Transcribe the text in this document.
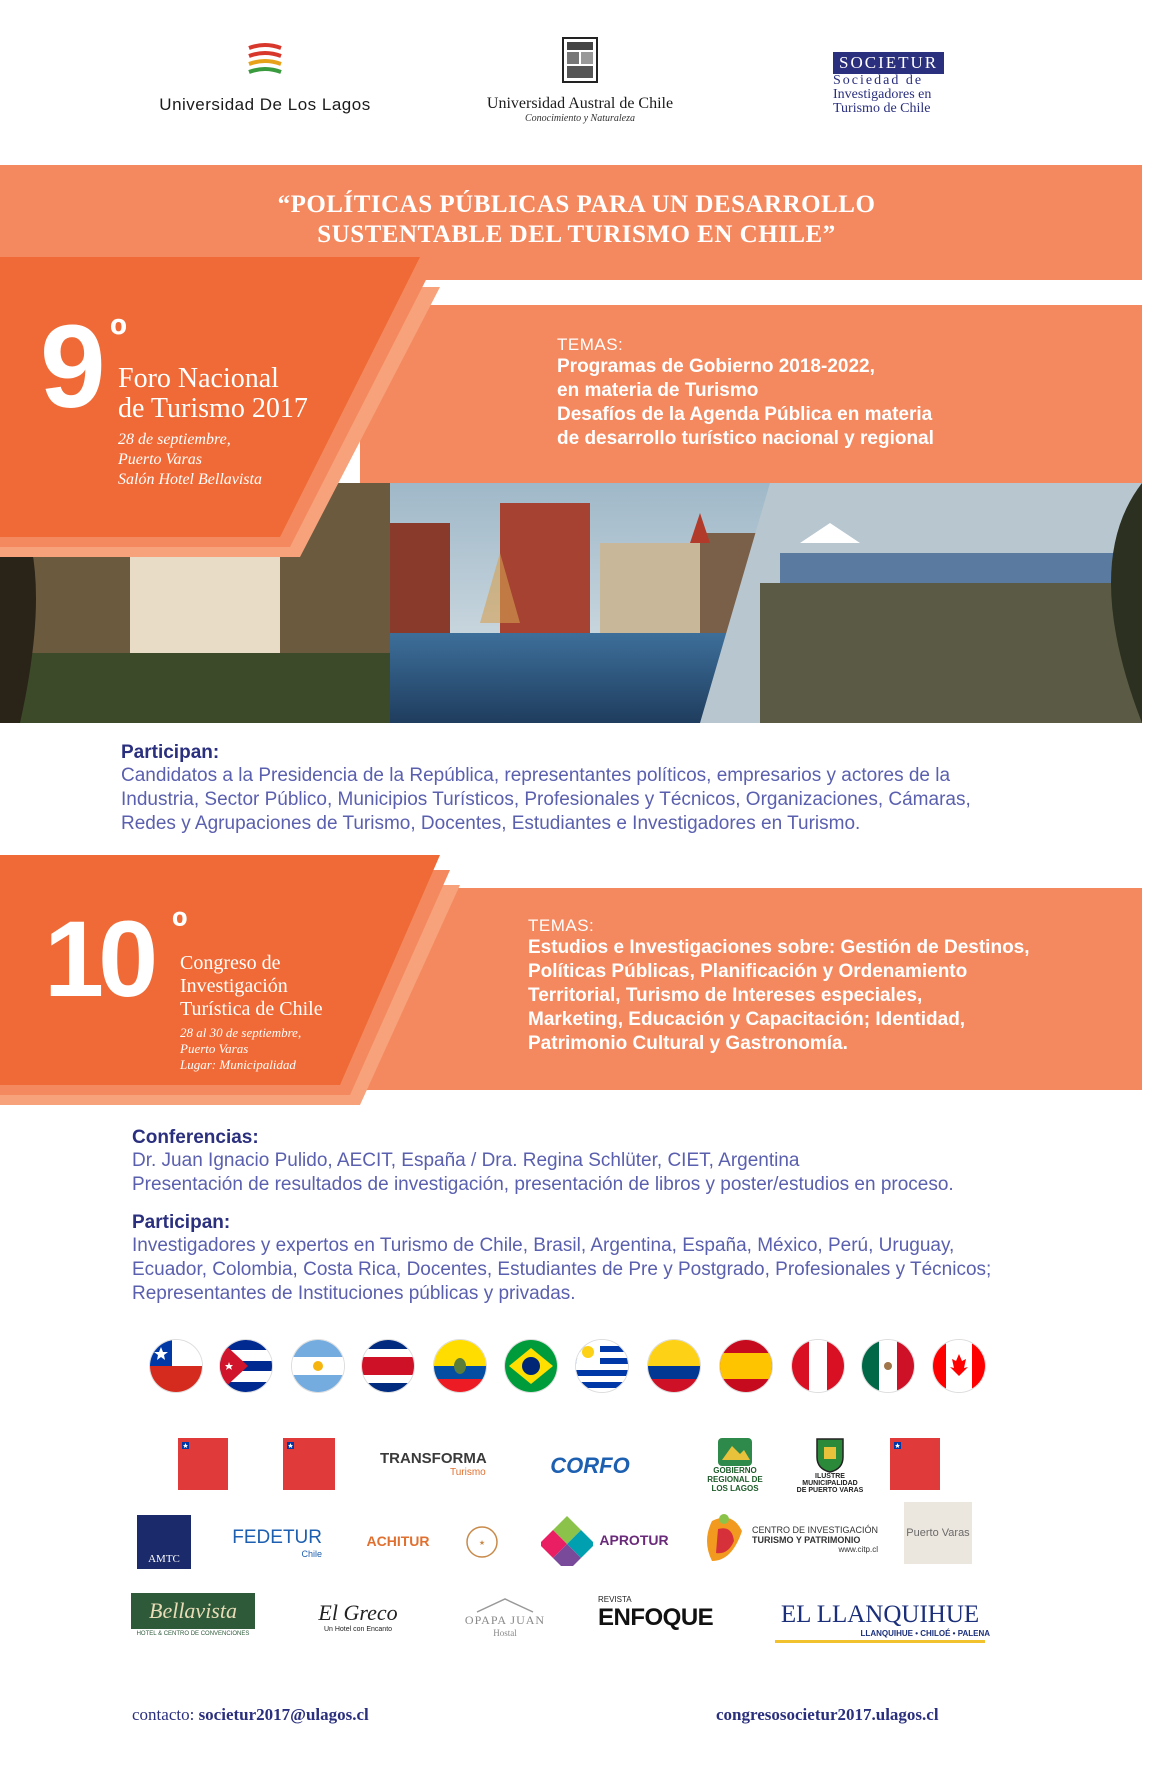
Universidad De Los Lagos	Universidad Austral de Chile
Conocimiento y Naturaleza
SOCIETUR
Sociedad de
Investigadores en
Turismo de Chile
“POLÍTICAS PÚBLICAS PARA UN DESARROLLO
SUSTENTABLE DEL TURISMO EN CHILE”
9 º
Foro Nacional
de Turismo 2017
28 de septiembre,
Puerto Varas
Salón Hotel Bellavista
TEMAS:
Programas de Gobierno 2018-2022,
en materia de Turismo
Desafíos de la Agenda Pública en materia
de desarrollo turístico nacional y regional
Participan:
Candidatos a la Presidencia de la República, representantes políticos, empresarios y actores de la
Industria, Sector Público, Municipios Turísticos, Profesionales y Técnicos, Organizaciones, Cámaras,
Redes y Agrupaciones de Turismo, Docentes, Estudiantes e Investigadores en Turismo.
10 º
Congreso de
Investigación
Turística de Chile
28 al 30 de septiembre,
Puerto Varas
Lugar: Municipalidad
TEMAS:
Estudios e Investigaciones sobre: Gestión de Destinos,
Políticas Públicas, Planificación y Ordenamiento
Territorial, Turismo de Intereses especiales,
Marketing, Educación y Capacitación; Identidad,
Patrimonio Cultural y Gastronomía.
Conferencias:
Dr. Juan Ignacio Pulido, AECIT, España / Dra. Regina Schlüter, CIET, Argentina
Presentación de resultados de investigación, presentación de libros y poster/estudios en proceso.
Participan:
Investigadores y expertos en Turismo de Chile, Brasil, Argentina, España, México, Perú, Uruguay,
Ecuador, Colombia, Costa Rica, Docentes, Estudiantes de Pre y Postgrado, Profesionales y Técnicos;
Representantes de Instituciones públicas y privadas.
TRANSFORMA
Turismo	CORFO	GOBIERNO
REGIONAL DE
LOS LAGOS
ILUSTRE
MUNICIPALIDAD
DE PUERTO VARAS
AMTC
FEDETUR
Chile
ACHITUR	★	APROTUR
CENTRO DE INVESTIGACIÓN
TURISMO Y PATRIMONIO
www.citp.cl
Puerto Varas
Bellavista
HOTEL & CENTRO DE CONVENCIONES
El Greco
Un Hotel con Encanto
OPAPA JUAN
Hostal
REVISTA
ENFOQUE	EL LLANQUIHUE
LLANQUIHUE • CHILOÉ • PALENA
contacto: societur2017@ulagos.cl	congresosocietur2017.ulagos.cl
